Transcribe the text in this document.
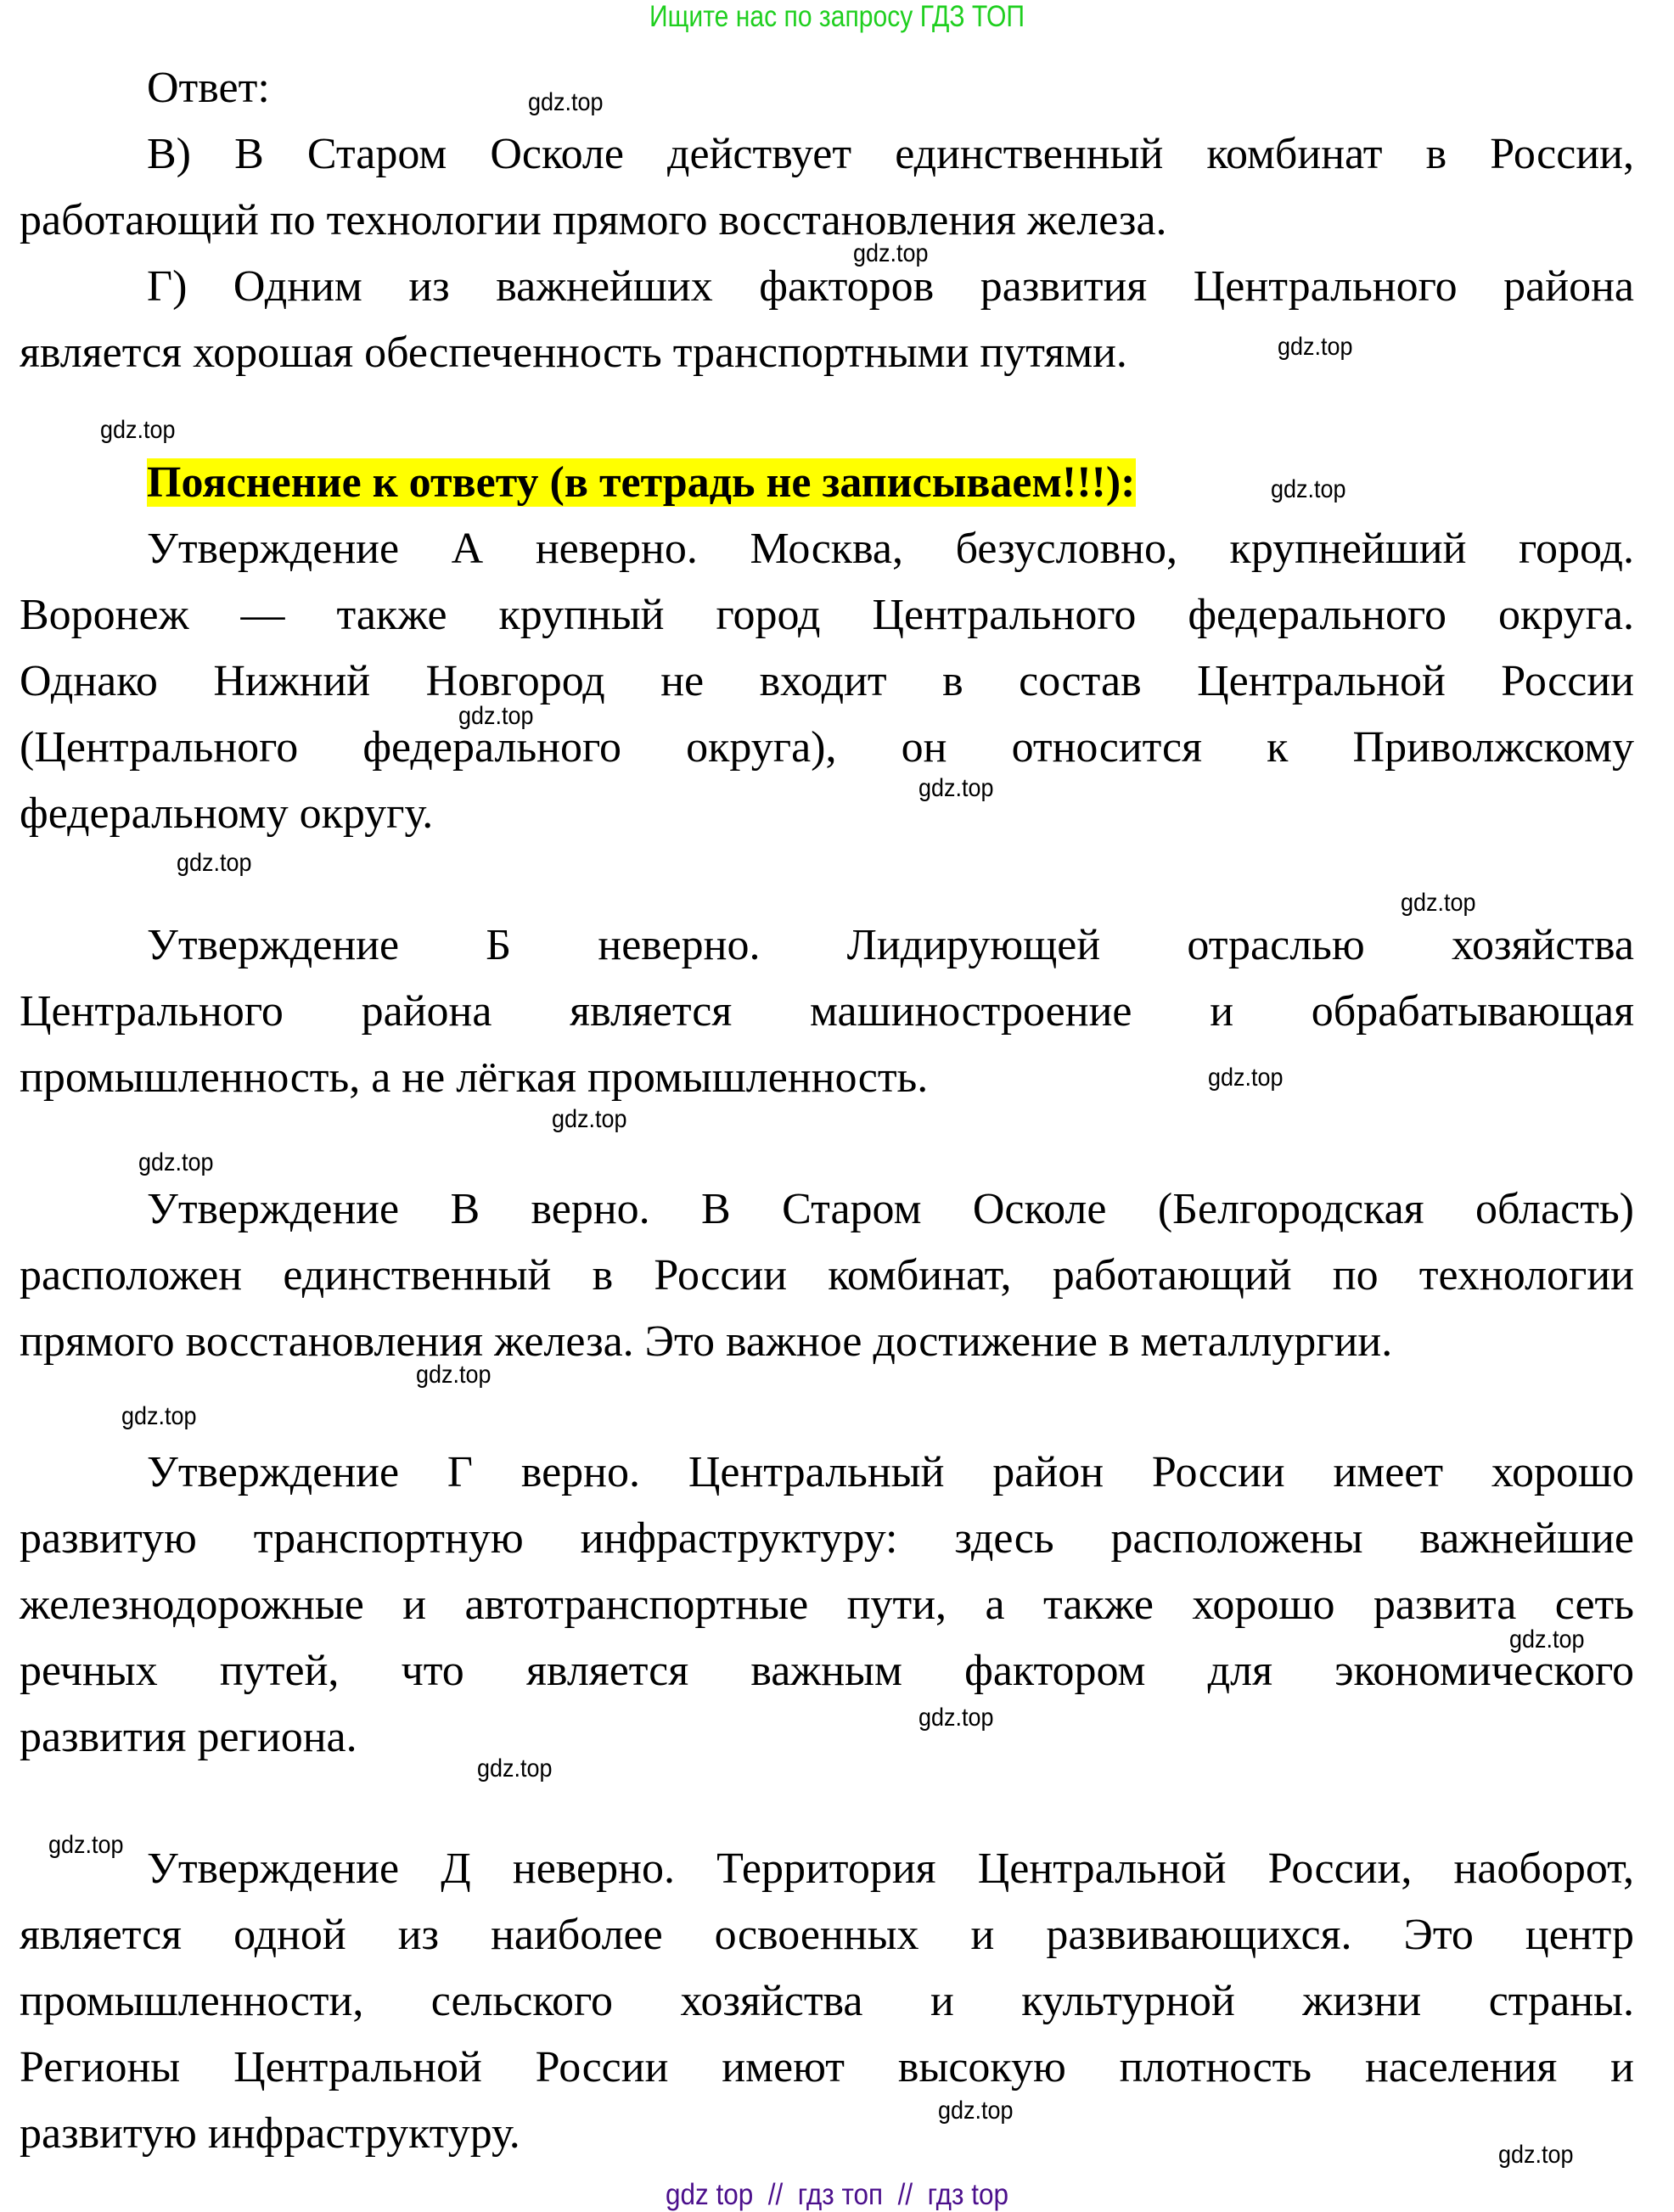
Ищите нас по запросу ГДЗ ТОП
Ответ:
В) В Старом Осколе действует единственный комбинат в России,
работающий по технологии прямого восстановления железа.
Г) Одним из важнейших факторов развития Центрального района
является хорошая обеспеченность транспортными путями.
Пояснение к ответу (в тетрадь не записываем!!!):
Утверждение А неверно. Москва, безусловно, крупнейший город.
Воронеж — также крупный город Центрального федерального округа.
Однако Нижний Новгород не входит в состав Центральной России
(Центрального федерального округа), он относится к Приволжскому
федеральному округу.
Утверждение Б неверно. Лидирующей отраслью хозяйства
Центрального района является машиностроение и обрабатывающая
промышленность, а не лёгкая промышленность.
Утверждение В верно. В Старом Осколе (Белгородская область)
расположен единственный в России комбинат, работающий по технологии
прямого восстановления железа. Это важное достижение в металлургии.
Утверждение Г верно. Центральный район России имеет хорошо
развитую транспортную инфраструктуру: здесь расположены важнейшие
железнодорожные и автотранспортные пути, а также хорошо развита сеть
речных путей, что является важным фактором для экономического
развития региона.
Утверждение Д неверно. Территория Центральной России, наоборот,
является одной из наиболее освоенных и развивающихся. Это центр
промышленности, сельского хозяйства и культурной жизни страны.
Регионы Центральной России имеют высокую плотность населения и
развитую инфраструктуру.
gdz.top
gdz.top
gdz.top
gdz.top
gdz.top
gdz.top
gdz.top
gdz.top
gdz.top
gdz.top
gdz.top
gdz.top
gdz.top
gdz.top
gdz.top
gdz.top
gdz.top
gdz.top
gdz.top
gdz.top
gdz top  //  гдз топ  //  гдз top
